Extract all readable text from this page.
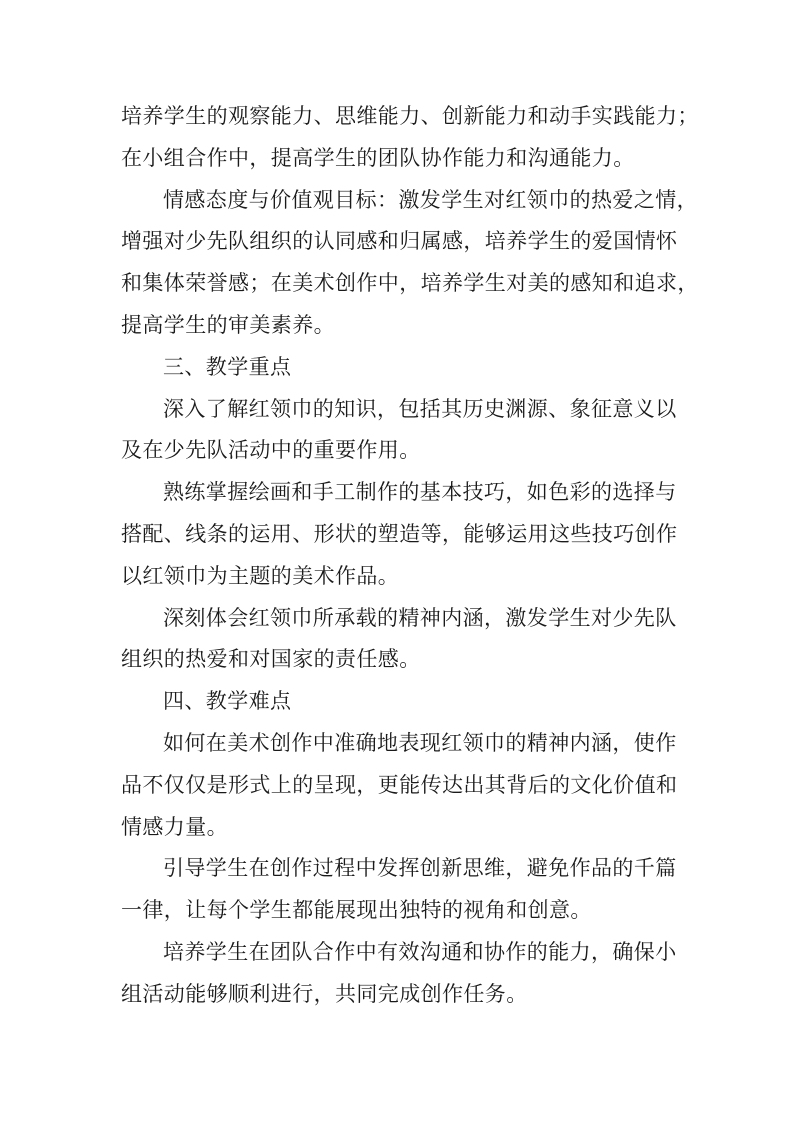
培养学生的观察能力、思维能力、创新能力和动手实践能力；
在小组合作中，提高学生的团队协作能力和沟通能力。
情感态度与价值观目标：激发学生对红领巾的热爱之情，
增强对少先队组织的认同感和归属感，培养学生的爱国情怀
和集体荣誉感；在美术创作中，培养学生对美的感知和追求，
提高学生的审美素养。
三、教学重点
深入了解红领巾的知识，包括其历史渊源、象征意义以
及在少先队活动中的重要作用。
熟练掌握绘画和手工制作的基本技巧，如色彩的选择与
搭配、线条的运用、形状的塑造等，能够运用这些技巧创作
以红领巾为主题的美术作品。
深刻体会红领巾所承载的精神内涵，激发学生对少先队
组织的热爱和对国家的责任感。
四、教学难点
如何在美术创作中准确地表现红领巾的精神内涵，使作
品不仅仅是形式上的呈现，更能传达出其背后的文化价值和
情感力量。
引导学生在创作过程中发挥创新思维，避免作品的千篇
一律，让每个学生都能展现出独特的视角和创意。
培养学生在团队合作中有效沟通和协作的能力，确保小
组活动能够顺利进行，共同完成创作任务。
